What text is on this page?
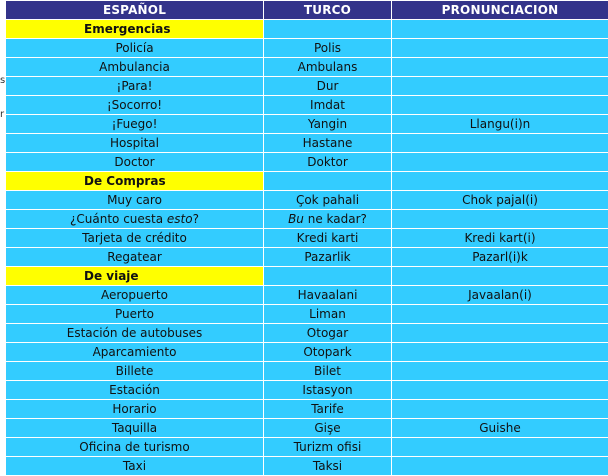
s
r
ESPAÑOL	TURCO	PRONUNCIACION
Emergencias		
Policía	Polis	
Ambulancia	Ambulans	
¡Para!	Dur	
¡Socorro!	Imdat	
¡Fuego!	Yangin	Llangu(i)n
Hospital	Hastane	
Doctor	Doktor	
De Compras		
Muy caro	Çok pahali	Chok pajal(i)
¿Cuánto cuesta esto?	Bu ne kadar?	
Tarjeta de crédito	Kredi karti	Kredi kart(i)
Regatear	Pazarlik	Pazarl(i)k
De viaje		
Aeropuerto	Havaalani	Javaalan(i)
Puerto	Liman	
Estación de autobuses	Otogar	
Aparcamiento	Otopark	
Billete	Bilet	
Estación	Istasyon	
Horario	Tarife	
Taquilla	Gişe	Guishe
Oficina de turismo	Turizm ofisi	
Taxi	Taksi	
